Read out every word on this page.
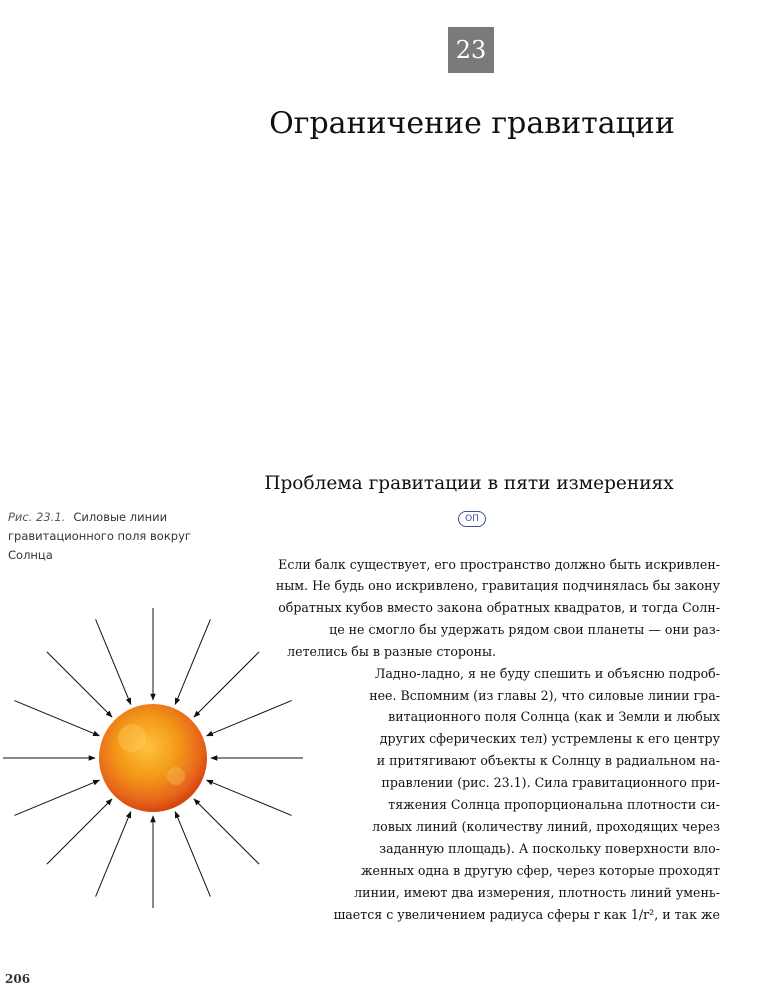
23
Ограничение гравитации
Рис. 23.1. Силовые линии гравитационного поля вокруг Солнца
Проблема гравитации в пяти измерениях
ОП
Если балк существует, его пространство должно быть искривлен-
ным. Не будь оно искривлено, гравитация подчинялась бы закону
обратных кубов вместо закона обратных квадратов, и тогда Солн-
це не смогло бы удержать рядом свои планеты — они раз-
летелись бы в разные стороны.
Ладно-ладно, я не буду спешить и объясню подроб-
нее. Вспомним (из главы 2), что силовые линии гра-
витационного поля Солнца (как и Земли и любых
других сферических тел) устремлены к его центру
и притягивают объекты к Солнцу в радиальном на-
правлении (рис. 23.1). Сила гравитационного при-
тяжения Солнца пропорциональна плотности си-
ловых линий (количеству линий, проходящих через
заданную площадь). А поскольку поверхности вло-
женных одна в другую сфер, через которые проходят
линии, имеют два измерения, плотность линий умень-
шается с увеличением радиуса сферы r как 1/r², и так же
206
